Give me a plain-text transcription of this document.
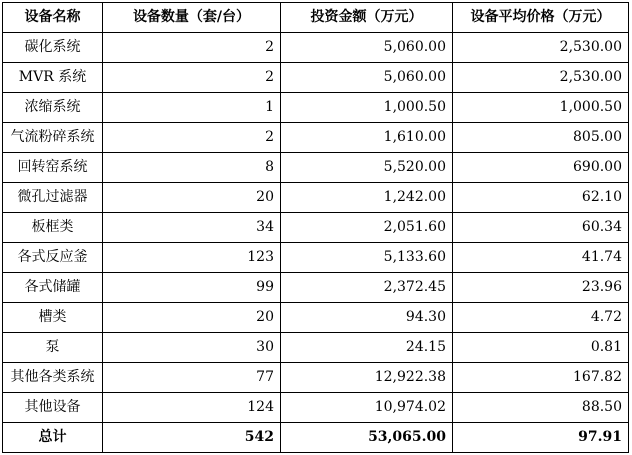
设备名称	设备数量（套/台）	投资金额（万元）	设备平均价格（万元）
碳化系统	2	5,060.00	2,530.00
MVR 系统	2	5,060.00	2,530.00
浓缩系统	1	1,000.50	1,000.50
气流粉碎系统	2	1,610.00	805.00
回转窑系统	8	5,520.00	690.00
微孔过滤器	20	1,242.00	62.10
板框类	34	2,051.60	60.34
各式反应釜	123	5,133.60	41.74
各式储罐	99	2,372.45	23.96
槽类	20	94.30	4.72
泵	30	24.15	0.81
其他各类系统	77	12,922.38	167.82
其他设备	124	10,974.02	88.50
总计	542	53,065.00	97.91
